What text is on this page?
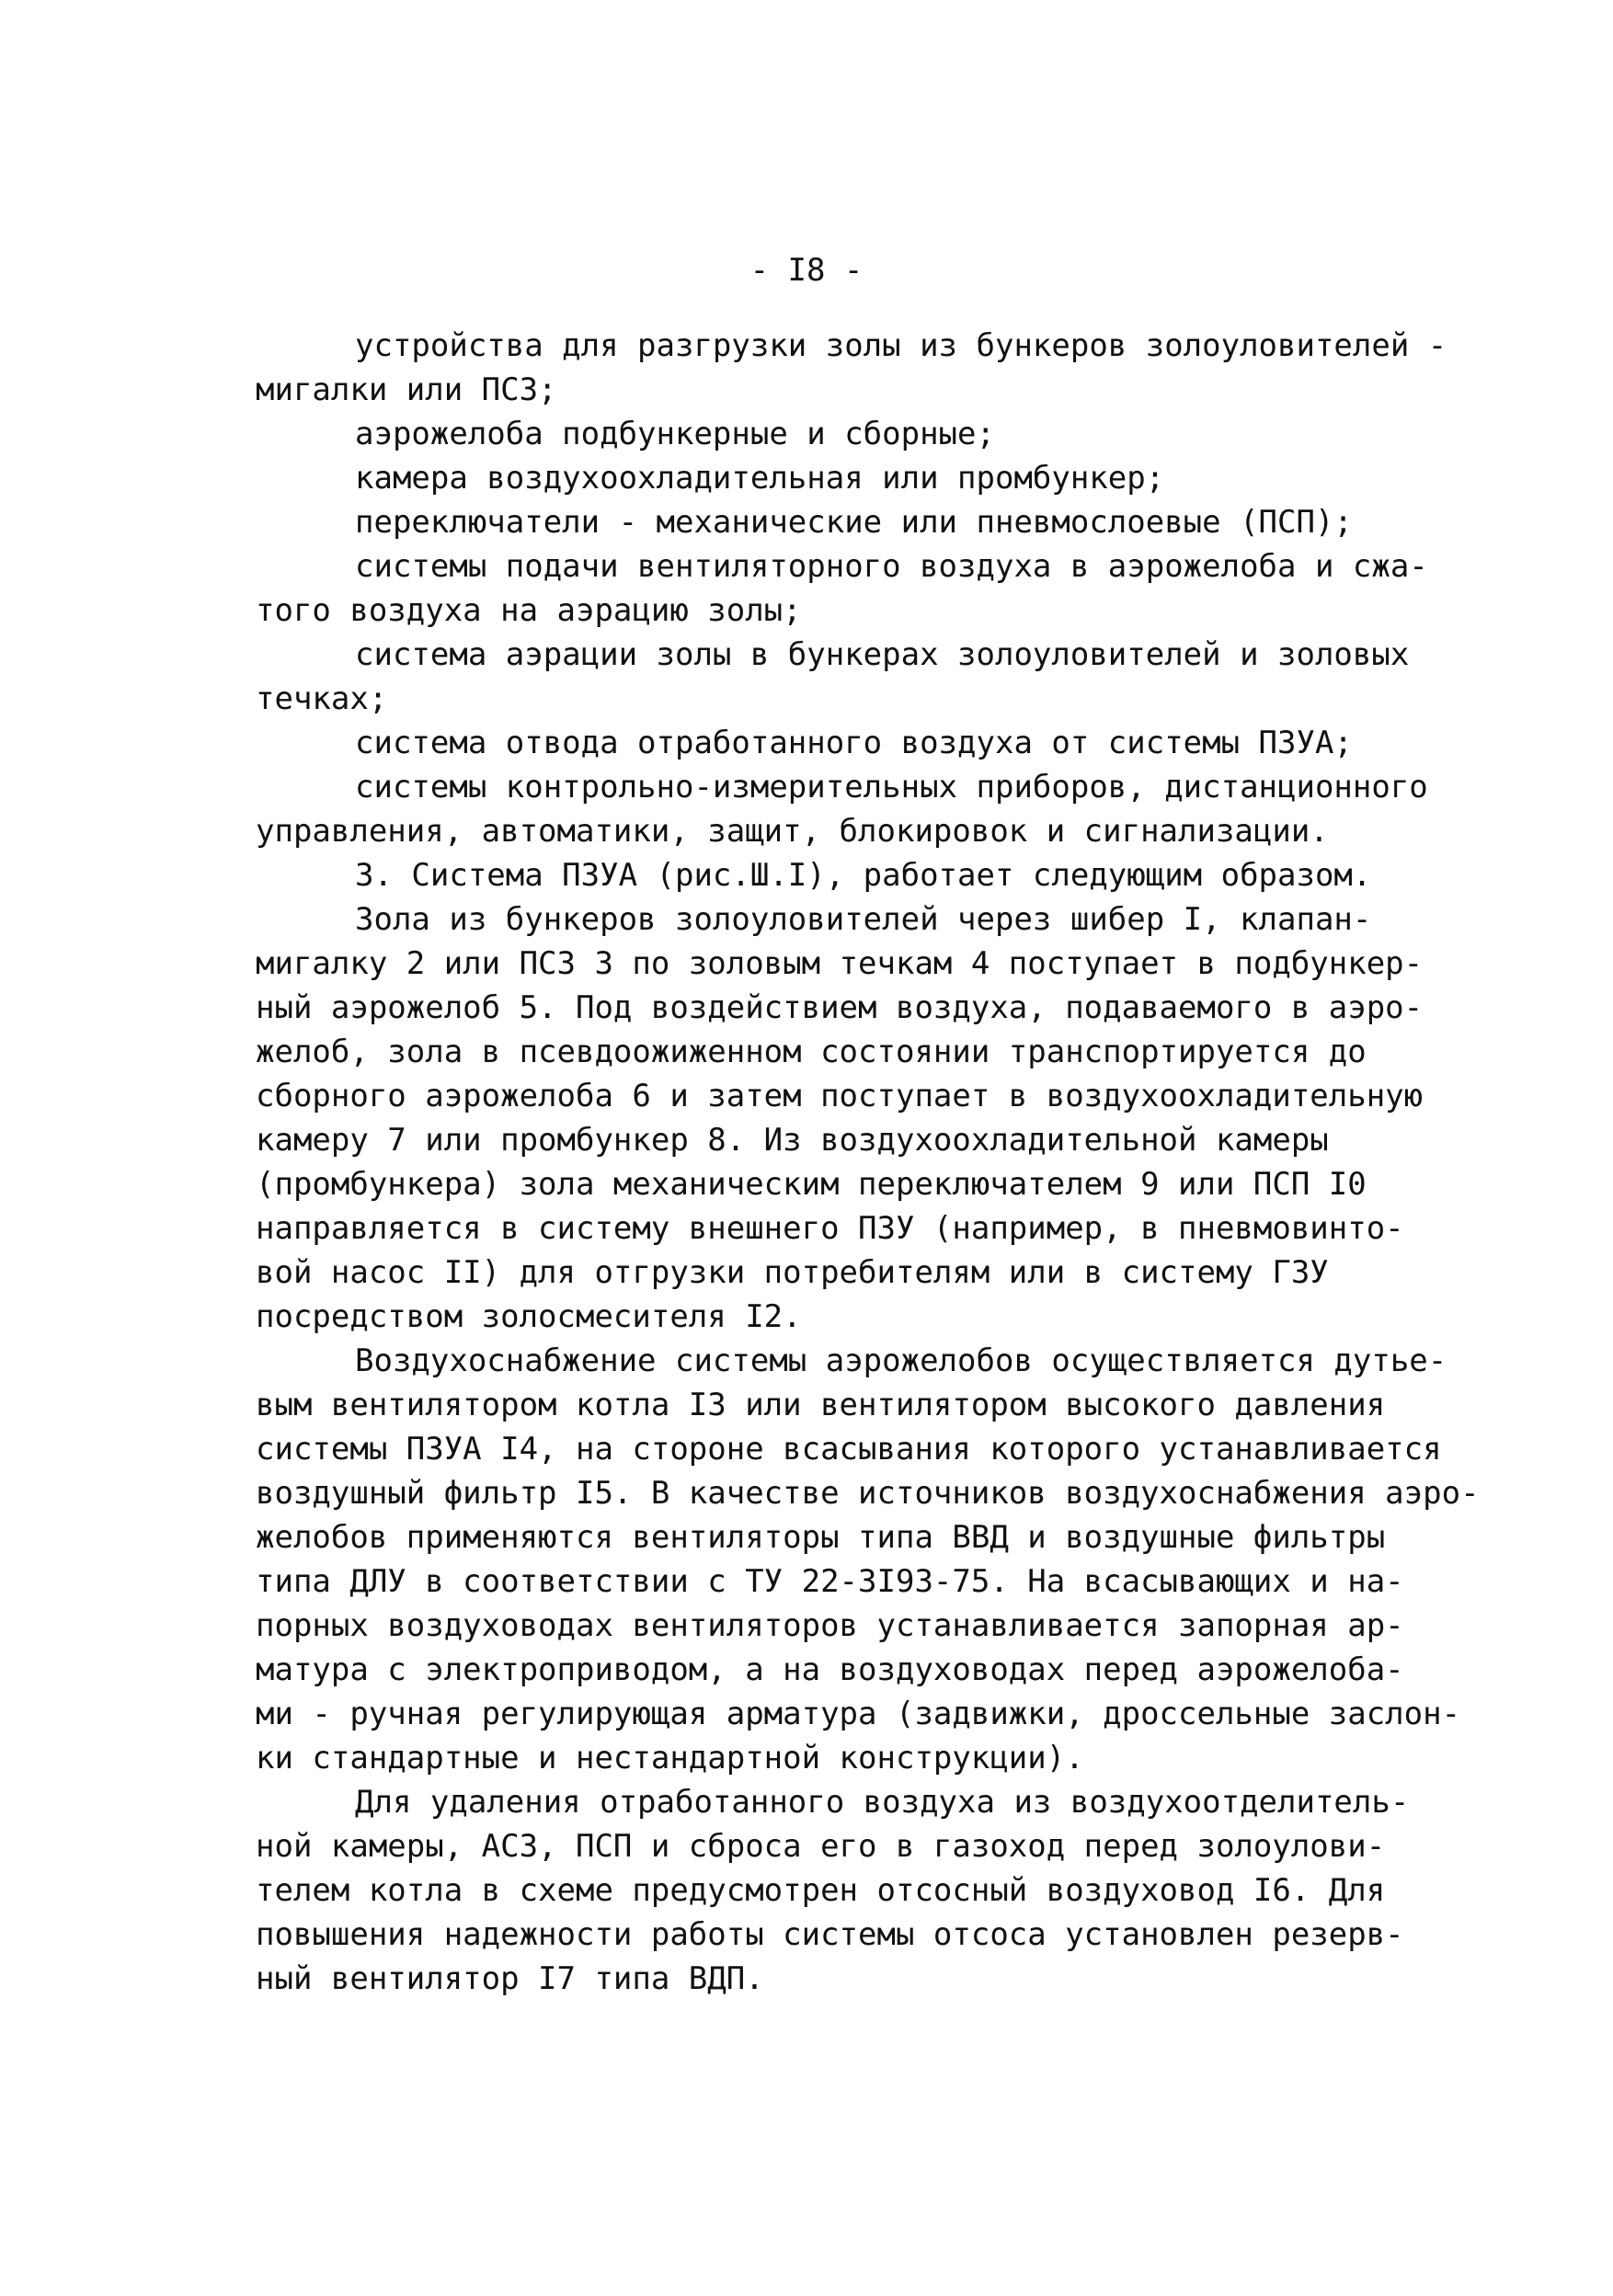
- I8 -
устройства для разгрузки золы из бункеров золоуловителей -
мигалки или ПСЗ;
аэрожелоба подбункерные и сборные;
камера воздухоохладительная или промбункер;
переключатели - механические или пневмослоевые (ПСП);
системы подачи вентиляторного воздуха в аэрожелоба и сжа-
того воздуха на аэрацию золы;
система аэрации золы в бункерах золоуловителей и золовых
течках;
система отвода отработанного воздуха от системы ПЗУА;
системы контрольно-измерительных приборов, дистанционного
управления, автоматики, защит, блокировок и сигнализации.
3. Система ПЗУА (рис.Ш.I), работает следующим образом.
Зола из бункеров золоуловителей через шибер I, клапан-
мигалку 2 или ПСЗ 3 по золовым течкам 4 поступает в подбункер-
ный аэрожелоб 5. Под воздействием воздуха, подаваемого в аэро-
желоб, зола в псевдоожиженном состоянии транспортируется до
сборного аэрожелоба 6 и затем поступает в воздухоохладительную
камеру 7 или промбункер 8. Из воздухоохладительной камеры
(промбункера) зола механическим переключателем 9 или ПСП I0
направляется в систему внешнего ПЗУ (например, в пневмовинто-
вой насос II) для отгрузки потребителям или в систему ГЗУ
посредством золосмесителя I2.
Воздухоснабжение системы аэрожелобов осуществляется дутье-
вым вентилятором котла I3 или вентилятором высокого давления
системы ПЗУА I4, на стороне всасывания которого устанавливается
воздушный фильтр I5. В качестве источников воздухоснабжения аэро-
желобов применяются вентиляторы типа ВВД и воздушные фильтры
типа ДЛУ в соответствии с ТУ 22-3I93-75. На всасывающих и на-
порных воздуховодах вентиляторов устанавливается запорная ар-
матура с электроприводом, а на воздуховодах перед аэрожелоба-
ми - ручная регулирующая арматура (задвижки, дроссельные заслон-
ки стандартные и нестандартной конструкции).
Для удаления отработанного воздуха из воздухоотделитель-
ной камеры, АСЗ, ПСП и сброса его в газоход перед золоулови-
телем котла в схеме предусмотрен отсосный воздуховод I6. Для
повышения надежности работы системы отсоса установлен резерв-
ный вентилятор I7 типа ВДП.
